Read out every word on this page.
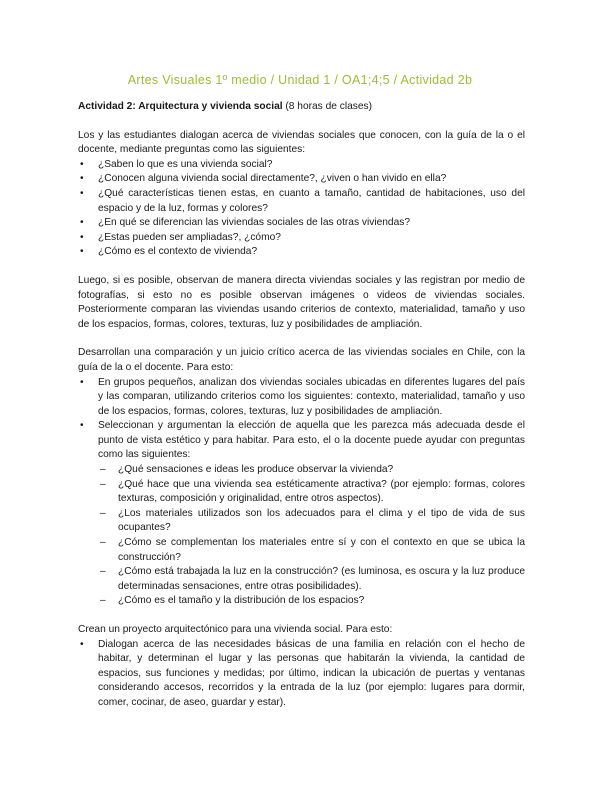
Artes Visuales 1º medio / Unidad 1 / OA1;4;5 / Actividad 2b

Actividad 2: Arquitectura y vivienda social (8 horas de clases)

Los y las estudiantes dialogan acerca de viviendas sociales que conocen, con la guía de la o el docente, mediante preguntas como las siguientes:

• ¿Saben lo que es una vivienda social?
• ¿Conocen alguna vivienda social directamente?, ¿viven o han vivido en ella?
• ¿Qué características tienen estas, en cuanto a tamaño, cantidad de habitaciones, uso del espacio y de la luz, formas y colores?
• ¿En qué se diferencian las viviendas sociales de las otras viviendas?
• ¿Estas pueden ser ampliadas?, ¿cómo?
• ¿Cómo es el contexto de vivienda?

Luego, si es posible, observan de manera directa viviendas sociales y las registran por medio de fotografías, si esto no es posible observan imágenes o videos de viviendas sociales. Posteriormente comparan las viviendas usando criterios de contexto, materialidad, tamaño y uso de los espacios, formas, colores, texturas, luz y posibilidades de ampliación.

Desarrollan una comparación y un juicio crítico acerca de las viviendas sociales en Chile, con la guía de la o el docente. Para esto:

• En grupos pequeños, analizan dos viviendas sociales ubicadas en diferentes lugares del país y las comparan, utilizando criterios como los siguientes: contexto, materialidad, tamaño y uso de los espacios, formas, colores, texturas, luz y posibilidades de ampliación.
• Seleccionan y argumentan la elección de aquella que les parezca más adecuada desde el punto de vista estético y para habitar. Para esto, el o la docente puede ayudar con preguntas como las siguientes:
– ¿Qué sensaciones e ideas les produce observar la vivienda?
– ¿Qué hace que una vivienda sea estéticamente atractiva? (por ejemplo: formas, colores texturas, composición y originalidad, entre otros aspectos).
– ¿Los materiales utilizados son los adecuados para el clima y el tipo de vida de sus ocupantes?
– ¿Cómo se complementan los materiales entre sí y con el contexto en que se ubica la construcción?
– ¿Cómo está trabajada la luz en la construcción? (es luminosa, es oscura y la luz produce determinadas sensaciones, entre otras posibilidades).
– ¿Cómo es el tamaño y la distribución de los espacios?

Crean un proyecto arquitectónico para una vivienda social. Para esto:

• Dialogan acerca de las necesidades básicas de una familia en relación con el hecho de habitar, y determinan el lugar y las personas que habitarán la vivienda, la cantidad de espacios, sus funciones y medidas; por último, indican la ubicación de puertas y ventanas considerando accesos, recorridos y la entrada de la luz (por ejemplo: lugares para dormir, comer, cocinar, de aseo, guardar y estar).
